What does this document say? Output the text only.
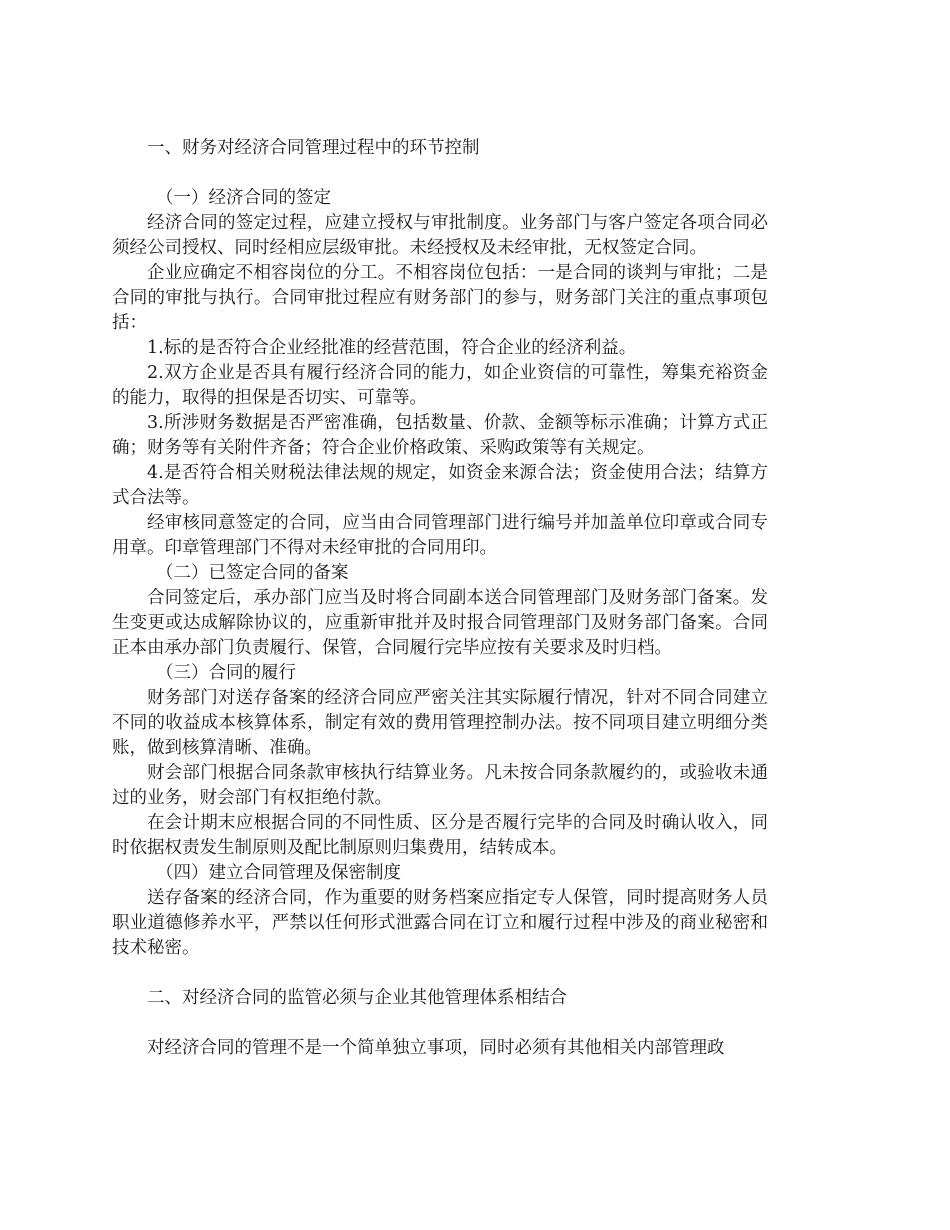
一、财务对经济合同管理过程中的环节控制

（一）经济合同的签定

经济合同的签定过程，应建立授权与审批制度。业务部门与客户签定各项合同必须经公司授权、同时经相应层级审批。未经授权及未经审批，无权签定合同。

企业应确定不相容岗位的分工。不相容岗位包括：一是合同的谈判与审批；二是合同的审批与执行。合同审批过程应有财务部门的参与，财务部门关注的重点事项包括：

1.标的是否符合企业经批准的经营范围，符合企业的经济利益。

2.双方企业是否具有履行经济合同的能力，如企业资信的可靠性，筹集充裕资金的能力，取得的担保是否切实、可靠等。

3.所涉财务数据是否严密准确，包括数量、价款、金额等标示准确；计算方式正确；财务等有关附件齐备；符合企业价格政策、采购政策等有关规定。

4.是否符合相关财税法律法规的规定，如资金来源合法；资金使用合法；结算方式合法等。

经审核同意签定的合同，应当由合同管理部门进行编号并加盖单位印章或合同专用章。印章管理部门不得对未经审批的合同用印。

（二）已签定合同的备案

合同签定后，承办部门应当及时将合同副本送合同管理部门及财务部门备案。发生变更或达成解除协议的，应重新审批并及时报合同管理部门及财务部门备案。合同正本由承办部门负责履行、保管，合同履行完毕应按有关要求及时归档。

（三）合同的履行

财务部门对送存备案的经济合同应严密关注其实际履行情况，针对不同合同建立不同的收益成本核算体系，制定有效的费用管理控制办法。按不同项目建立明细分类账，做到核算清晰、准确。

财会部门根据合同条款审核执行结算业务。凡未按合同条款履约的，或验收未通过的业务，财会部门有权拒绝付款。

在会计期末应根据合同的不同性质、区分是否履行完毕的合同及时确认收入，同时依据权责发生制原则及配比制原则归集费用，结转成本。

（四）建立合同管理及保密制度

送存备案的经济合同，作为重要的财务档案应指定专人保管，同时提高财务人员职业道德修养水平，严禁以任何形式泄露合同在订立和履行过程中涉及的商业秘密和技术秘密。

二、对经济合同的监管必须与企业其他管理体系相结合

对经济合同的管理不是一个简单独立事项，同时必须有其他相关内部管理政
